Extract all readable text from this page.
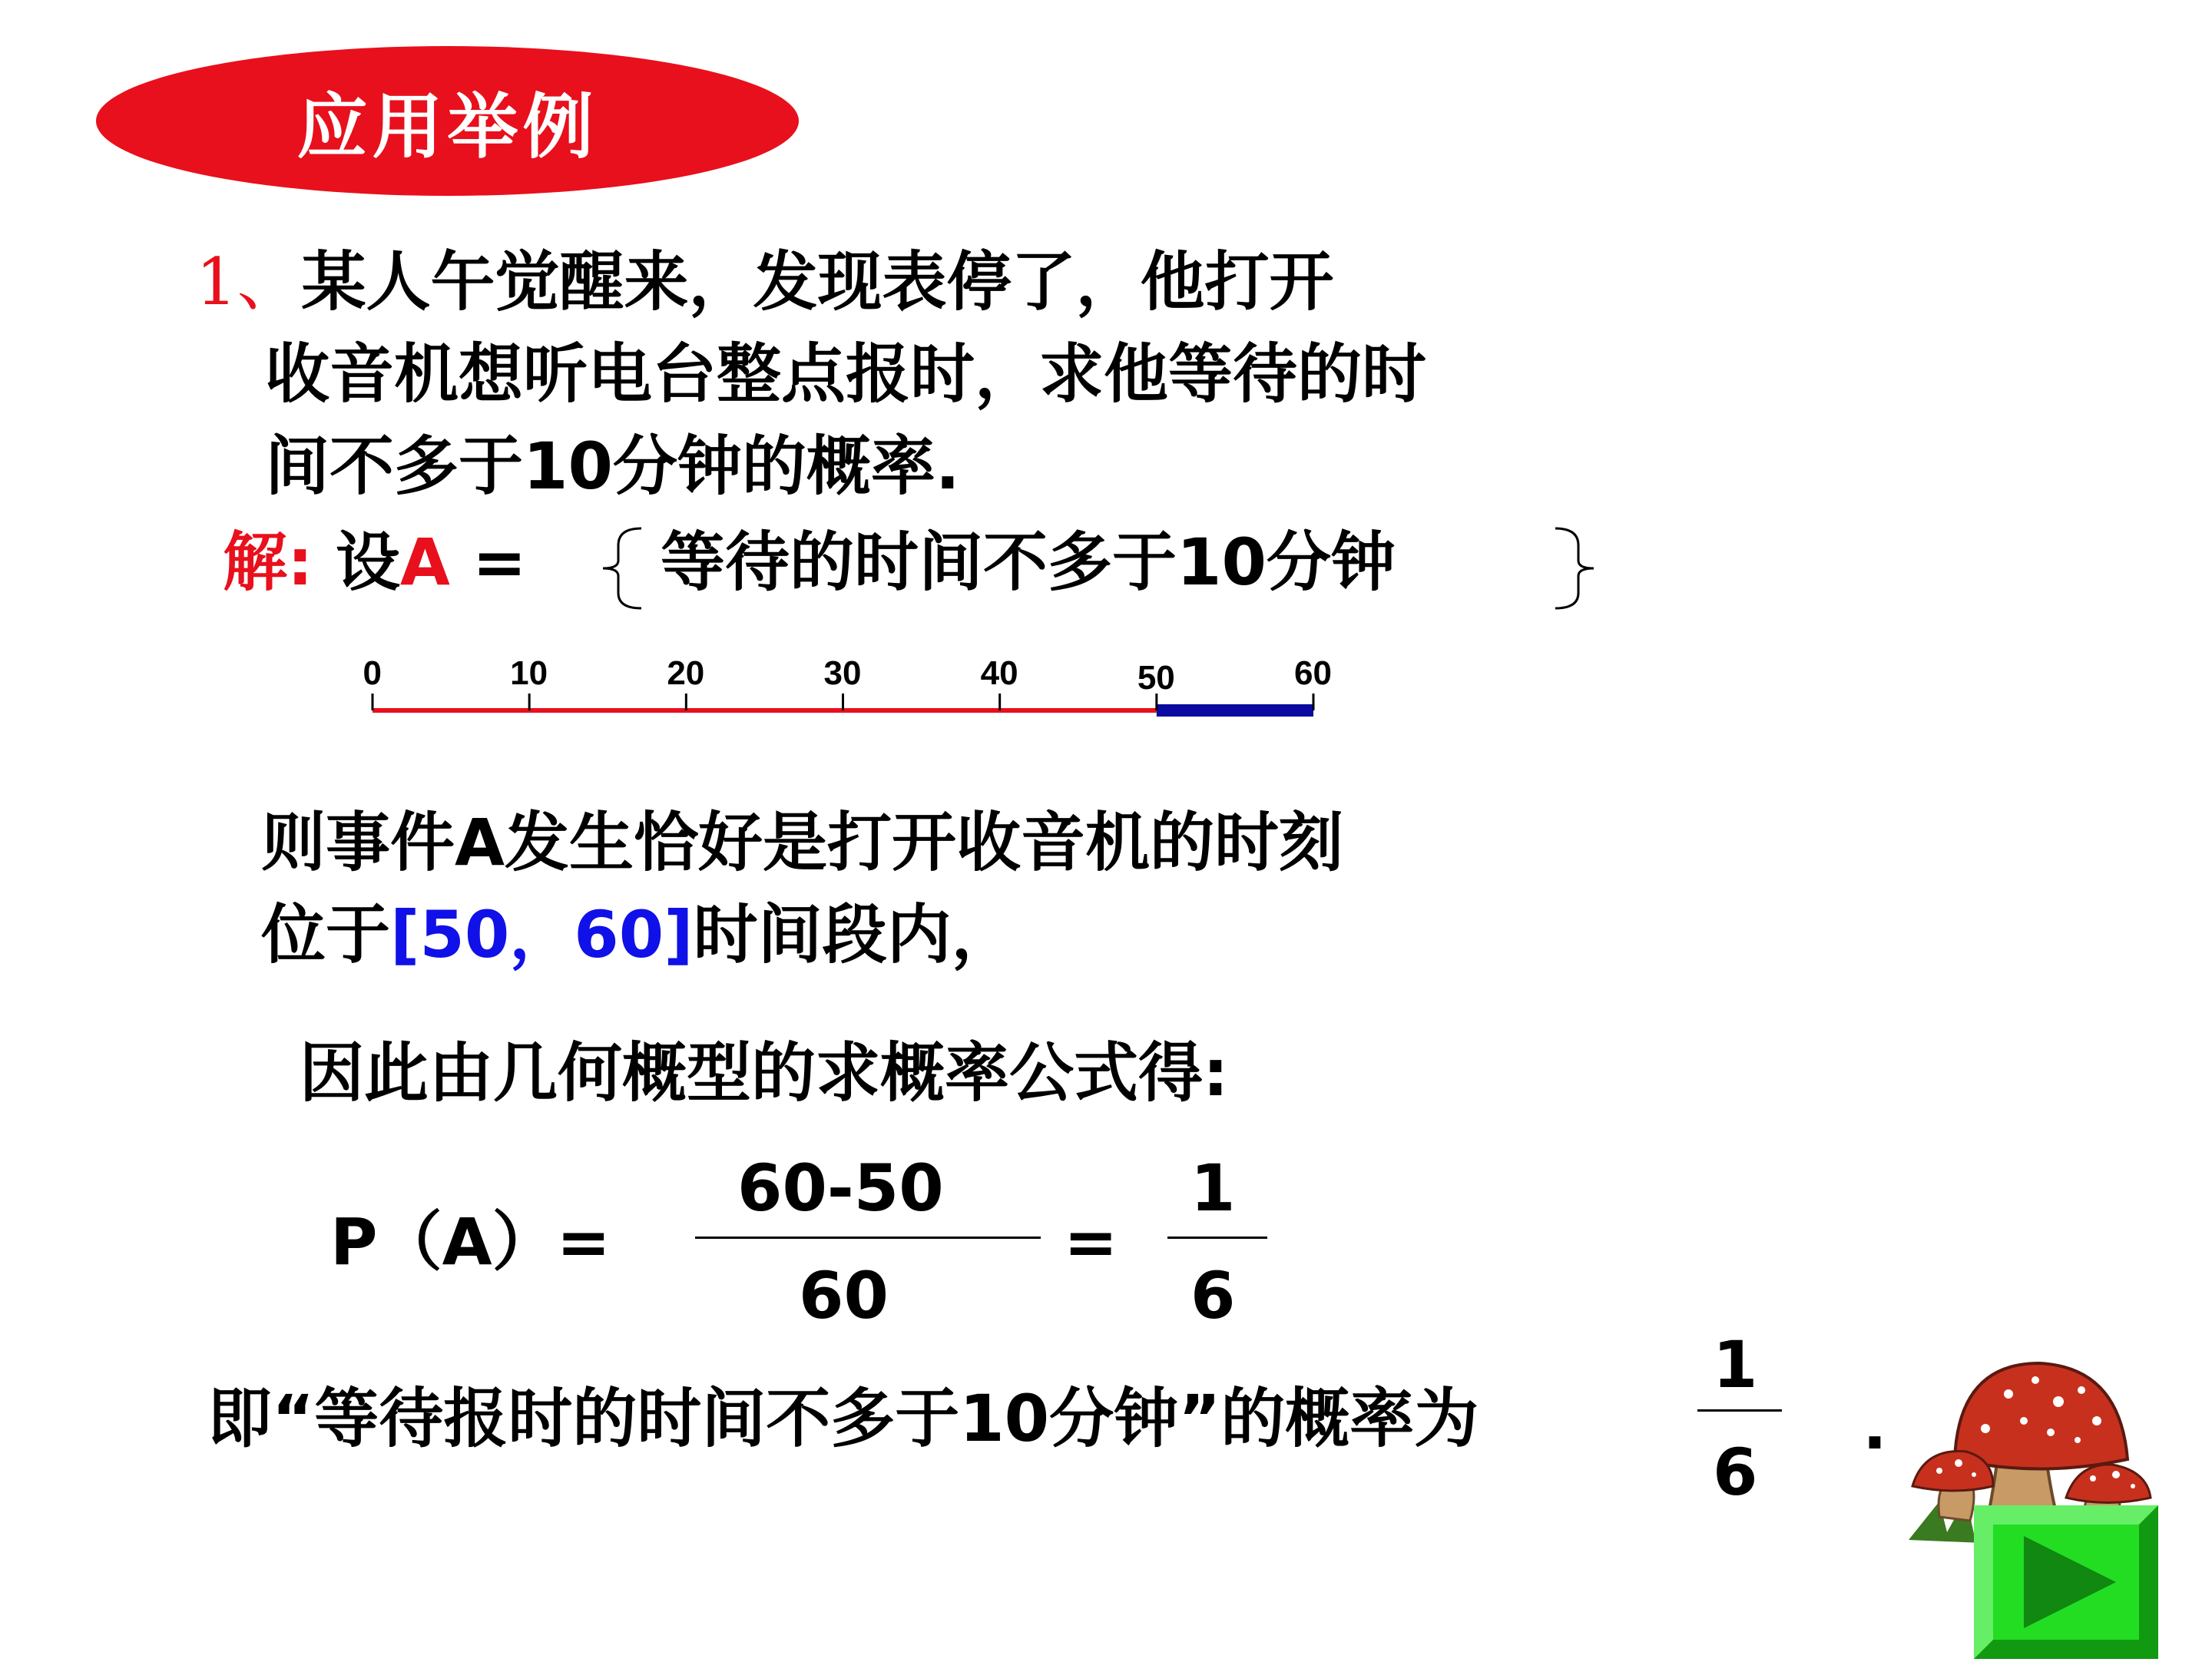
应用举例
1、某人午觉醒来，发现表停了，他打开
收音机想听电台整点报时，求他等待的时
间不多于10分钟的概率.
解: 设A = 等待的时间不多于10分钟
0	10	20	30	40	50	60
则事件A发生恰好是打开收音机的时刻
位于[50，60]时间段内，
因此由几何概型的求概率公式得:
P（A）=
60-50
60
=
1
6
即“等待报时的时间不多于10分钟”的概率为
1
6
.
